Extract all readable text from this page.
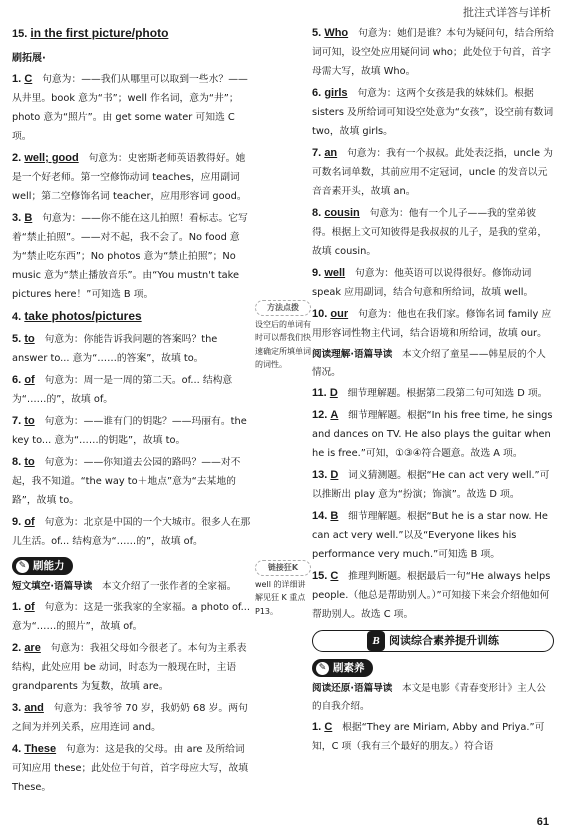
批注式详答与详析
15. in the first picture/photo
刷拓展·
1. C　 句意为：——我们从哪里可以取到一些水？——从井里。book 意为“书”；well 作名词，意为“井”；photo 意为“照片”。由 get some water 可知选 C 项。
2. well; good　 句意为：史密斯老师英语教得好。她是一个好老师。第一空修饰动词 teaches，应用副词 well；第二空修饰名词 teacher，应用形容词 good。
3. B　 句意为：——你不能在这儿拍照！看标志。它写着“禁止拍照”。——对不起，我不会了。No food 意为“禁止吃东西”；No photos 意为“禁止拍照”；No music 意为“禁止播放音乐”。由“You mustn't take pictures here！”可知选 B 项。
4. take photos/pictures
5. to　 句意为：你能告诉我问题的答案吗？the answer to... 意为“……的答案”，故填 to。
6. of　 句意为：周一是一周的第二天。of... 结构意为“……的”，故填 of。
7. to　 句意为：——谁有门的钥匙？——玛丽有。the key to... 意为“……的钥匙”，故填 to。
8. to　 句意为：——你知道去公园的路吗？——对不起，我不知道。“the way to＋地点”意为“去某地的路”，故填 to。
9. of　 句意为：北京是中国的一个大城市。很多人在那儿生活。of... 结构意为“……的”，故填 of。
✎ 刷能力
短文填空·语篇导读　 本文介绍了一张作者的全家福。
1. of　 句意为：这是一张我家的全家福。a photo of... 意为“……的照片”，故填 of。
2. are　 句意为：我祖父母如今很老了。本句为主系表结构，此处应用 be 动词，时态为一般现在时，主语 grandparents 为复数，故填 are。
3. and　 句意为：我爷爷 70 岁，我奶奶 68 岁。两句之间为并列关系，应用连词 and。
4. These　 句意为：这是我的父母。由 are 及所给词可知应用 these；此处位于句首，首字母应大写，故填 These。
方法点拨
设空后的单词有时可以帮我们快速确定所填单词的词性。
链接狂K
well 的详细讲解见狂 K 重点 P13。
5. Who　 句意为：她们是谁？本句为疑问句，结合所给词可知，设空处应用疑问词 who；此处位于句首，首字母需大写，故填 Who。
6. girls　 句意为：这两个女孩是我的妹妹们。根据 sisters 及所给词可知设空处意为“女孩”，设空前有数词 two，故填 girls。
7. an　 句意为：我有一个叔叔。此处表泛指，uncle 为可数名词单数，其前应用不定冠词，uncle 的发音以元音音素开头，故填 an。
8. cousin　 句意为：他有一个儿子——我的堂弟彼得。根据上文可知彼得是我叔叔的儿子，是我的堂弟，故填 cousin。
9. well　 句意为：他英语可以说得很好。修饰动词 speak 应用副词，结合句意和所给词，故填 well。
10. our　 句意为：他也在我们家。修饰名词 family 应用形容词性物主代词，结合语境和所给词，故填 our。
阅读理解·语篇导读　 本文介绍了童星——韩星辰的个人情况。
11. D　 细节理解题。根据第二段第二句可知选 D 项。
12. A　 细节理解题。根据“In his free time, he sings and dances on TV. He also plays the guitar when he is free.”可知，①③④符合题意。故选 A 项。
13. D　 词义猜测题。根据“He can act very well.”可以推断出 play 意为“扮演；饰演”。故选 D 项。
14. B　 细节理解题。根据“But he is a star now. He can act very well.”以及“Everyone likes his performance very much.”可知选 B 项。
15. C　 推理判断题。根据最后一句“He always helps people.（他总是帮助别人。）”可知接下来会介绍他如何帮助别人。故选 C 项。
B 阅读综合素养提升训练
✎ 刷素养
阅读还原·语篇导读　 本文是电影《青春变形计》主人公的自我介绍。
1. C　 根据“They are Miriam, Abby and Priya.”可知，C 项（我有三个最好的朋友。）符合语
61
